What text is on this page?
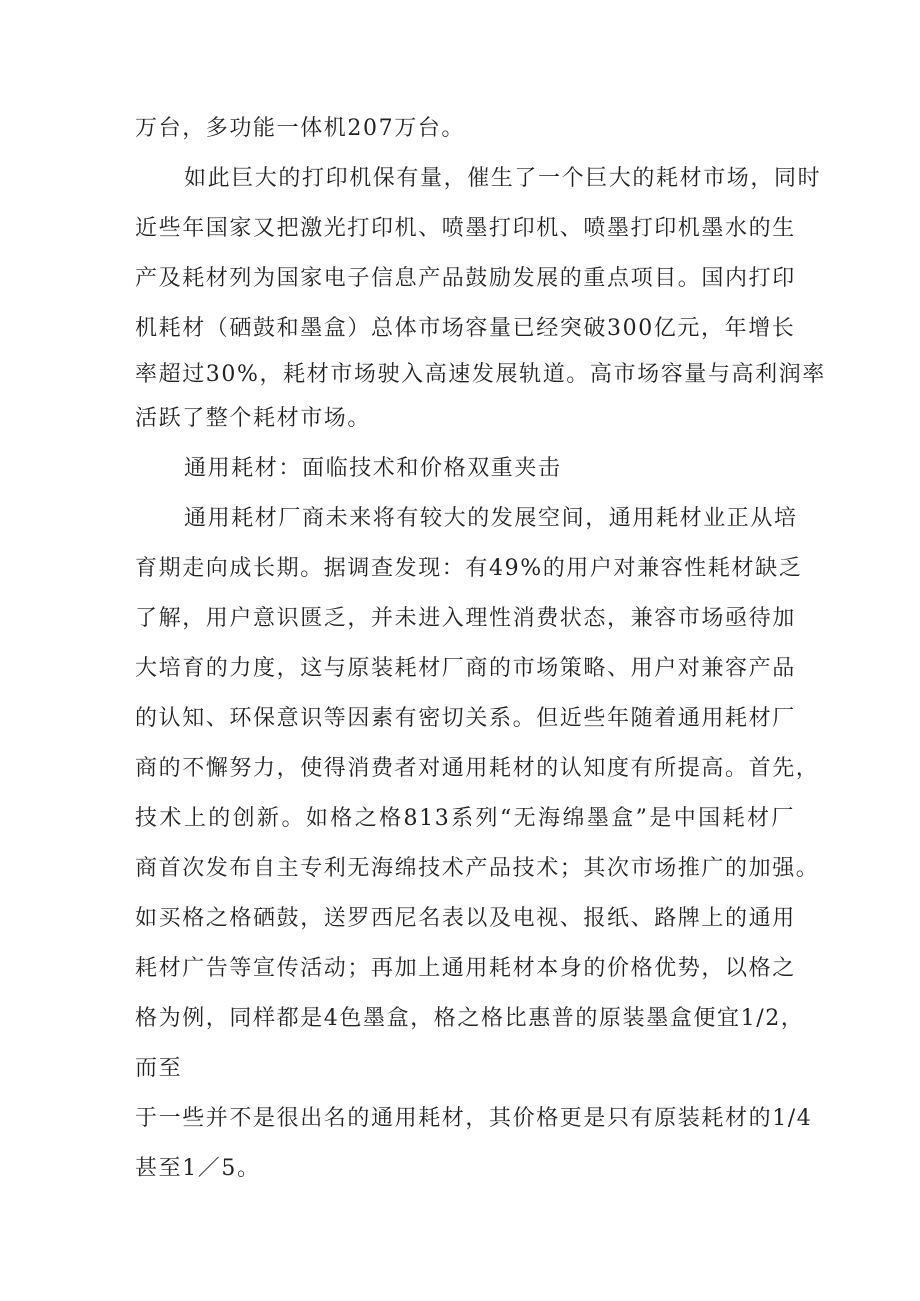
万台，多功能一体机207万台。
如此巨大的打印机保有量，催生了一个巨大的耗材市场，同时
近些年国家又把激光打印机、喷墨打印机、喷墨打印机墨水的生
产及耗材列为国家电子信息产品鼓励发展的重点项目。国内打印
机耗材（硒鼓和墨盒）总体市场容量已经突破300亿元，年增长
率超过30%，耗材市场驶入高速发展轨道。高市场容量与高利润率
活跃了整个耗材市场。
通用耗材：面临技术和价格双重夹击
通用耗材厂商未来将有较大的发展空间，通用耗材业正从培
育期走向成长期。据调查发现：有49%的用户对兼容性耗材缺乏
了解，用户意识匮乏，并未进入理性消费状态，兼容市场亟待加
大培育的力度，这与原装耗材厂商的市场策略、用户对兼容产品
的认知、环保意识等因素有密切关系。但近些年随着通用耗材厂
商的不懈努力，使得消费者对通用耗材的认知度有所提高。首先，
技术上的创新。如格之格813系列“无海绵墨盒”是中国耗材厂
商首次发布自主专利无海绵技术产品技术；其次市场推广的加强。
如买格之格硒鼓，送罗西尼名表以及电视、报纸、路牌上的通用
耗材广告等宣传活动；再加上通用耗材本身的价格优势，以格之
格为例，同样都是4色墨盒，格之格比惠普的原装墨盒便宜1/2，
而至
于一些并不是很出名的通用耗材，其价格更是只有原装耗材的1/4
甚至1／5。
